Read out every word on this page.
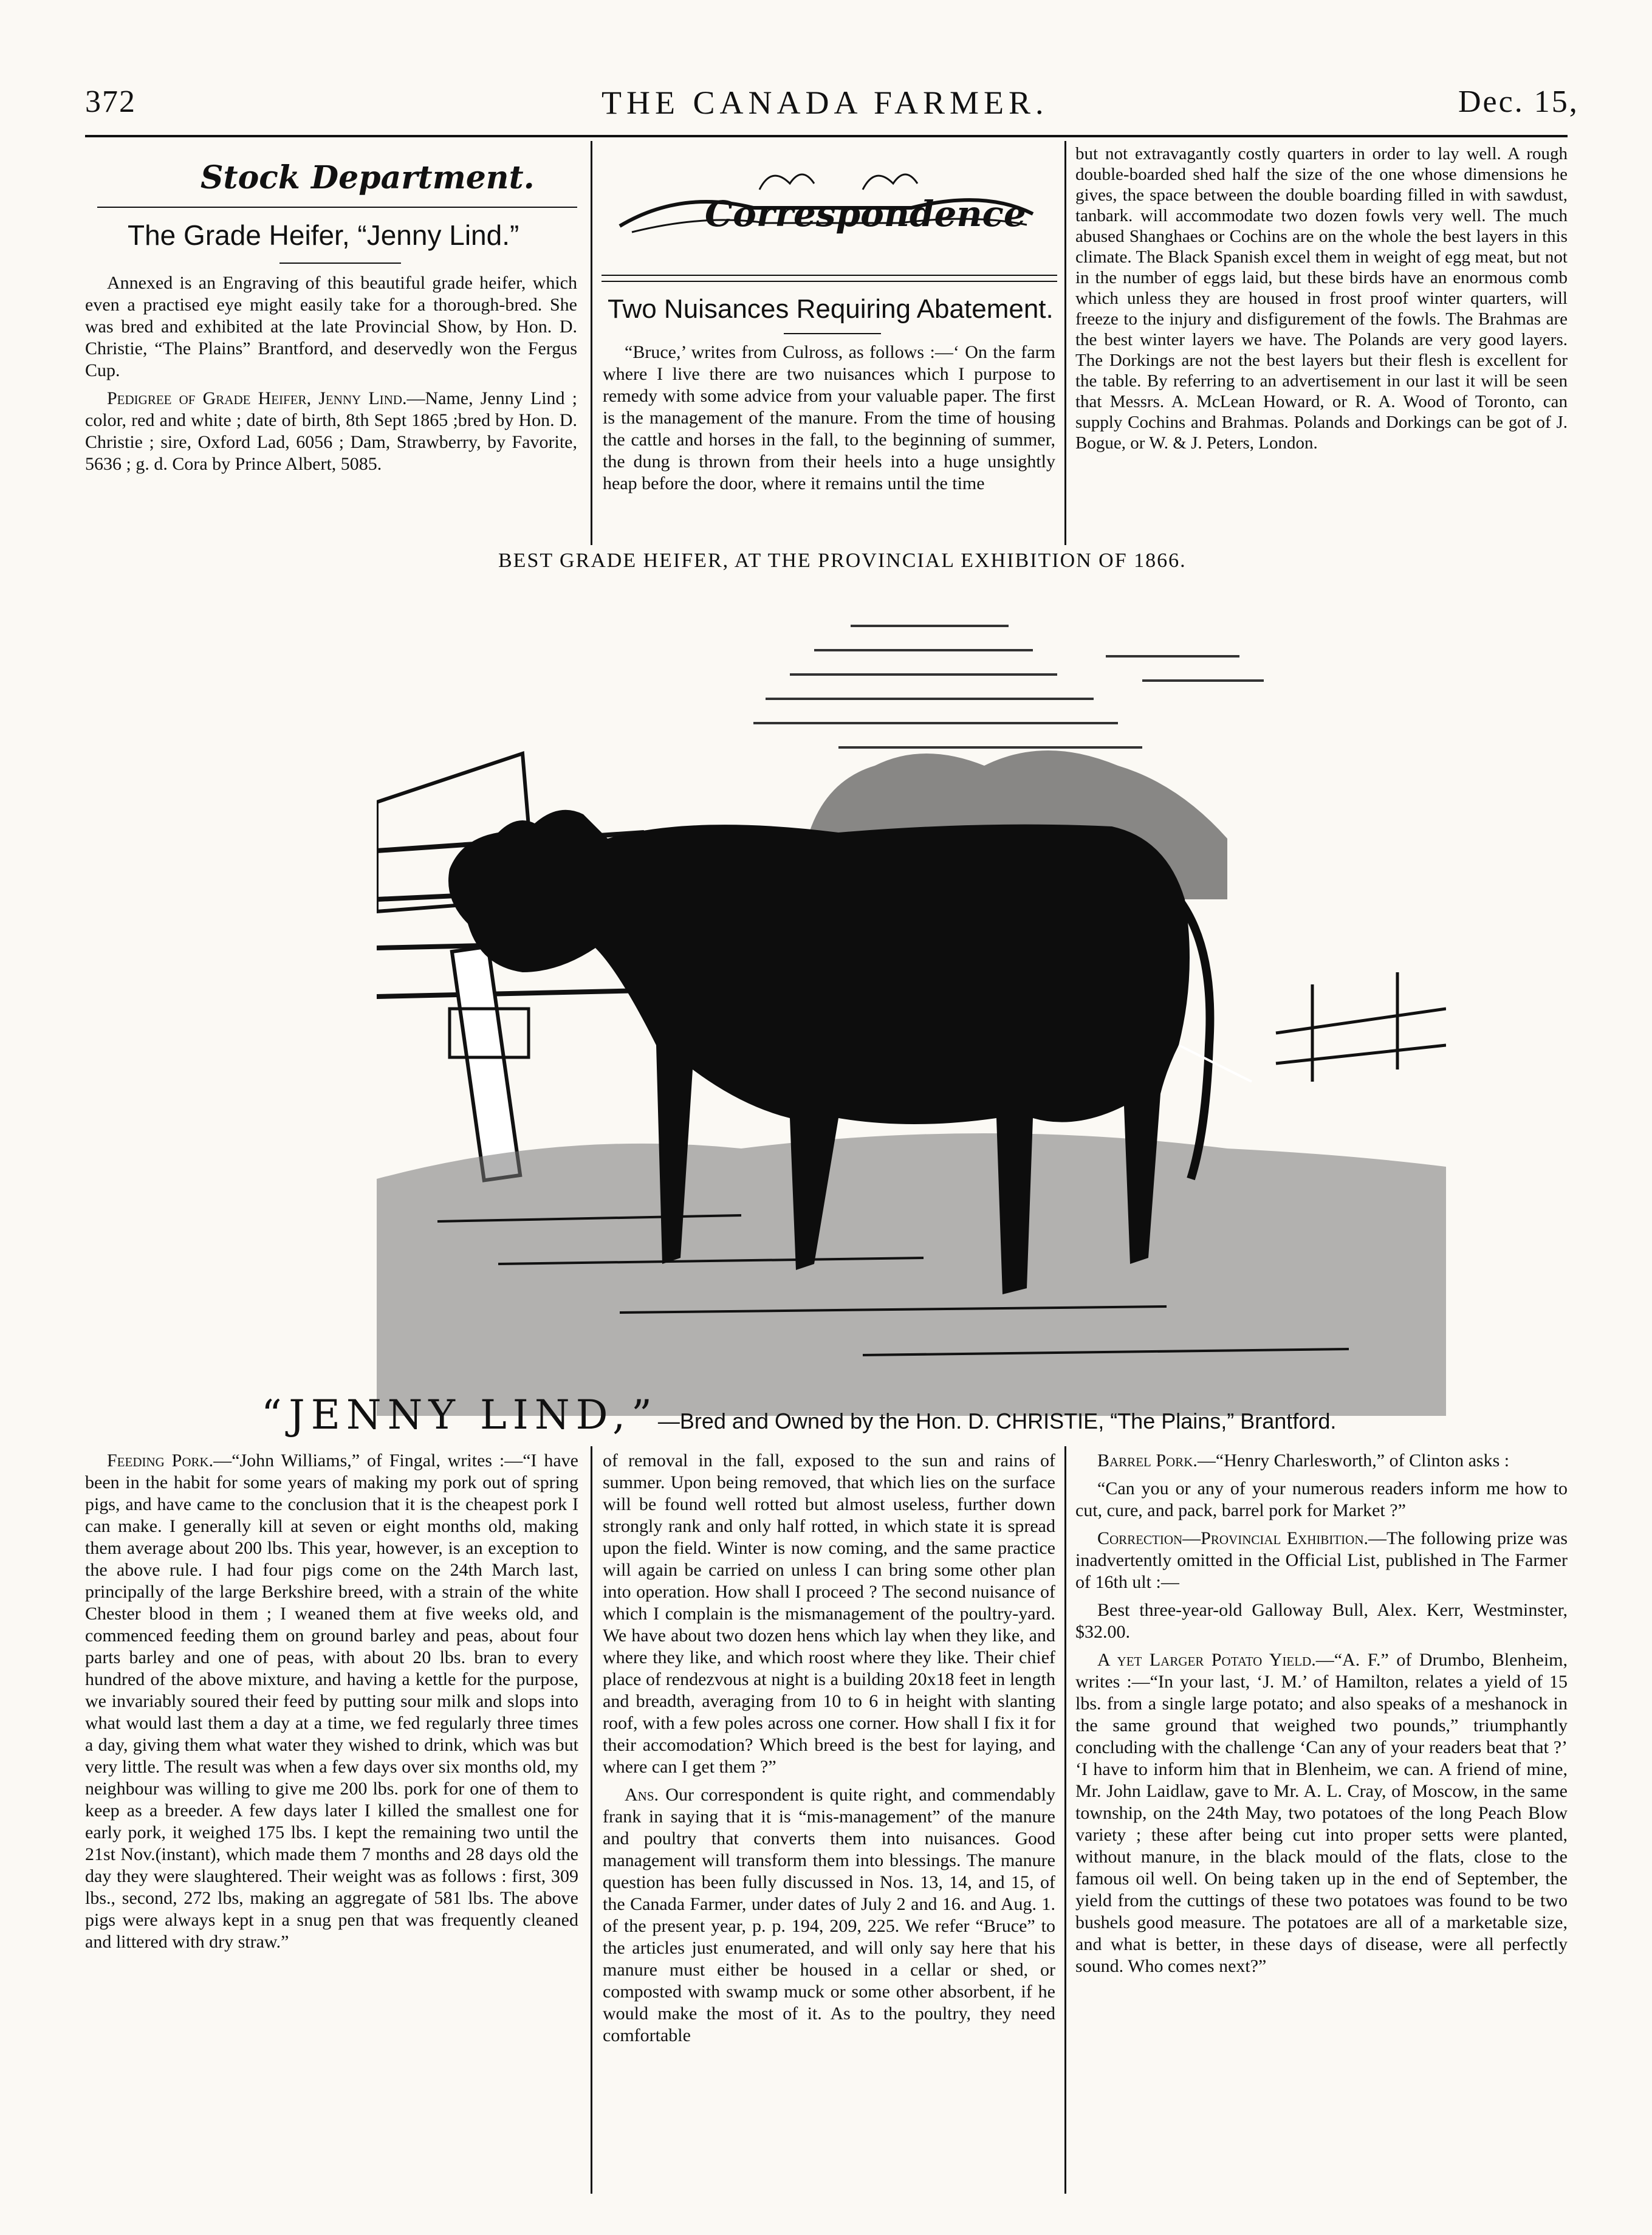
372	THE CANADA FARMER.	Dec. 15,
Stock Department.
The Grade Heifer, “Jenny Lind.”

Annexed is an Engraving of this beautiful grade heifer, which even a practised eye might easily take for a thorough-bred. She was bred and exhibited at the late Provincial Show, by Hon. D. Christie, “The Plains” Brantford, and deservedly won the Fergus Cup.

Pedigree of Grade Heifer, Jenny Lind.—Name, Jenny Lind ; color, red and white ; date of birth, 8th Sept 1865 ;bred by Hon. D. Christie ; sire, Oxford Lad, 6056 ; Dam, Strawberry, by Favorite, 5636 ; g. d. Cora by Prince Albert, 5085.

Correspondence
Two Nuisances Requiring Abatement.
“Bruce,’ writes from Culross, as follows :—‘ On the farm where I live there are two nuisances which I purpose to remedy with some advice from your valuable paper. The first is the management of the manure. From the time of housing the cattle and horses in the fall, to the beginning of summer, the dung is thrown from their heels into a huge unsightly heap before the door, where it remains until the time
but not extravagantly costly quarters in order to lay well. A rough double-boarded shed half the size of the one whose dimensions he gives, the space between the double boarding filled in with sawdust, tanbark. will accommodate two dozen fowls very well. The much abused Shanghaes or Cochins are on the whole the best layers in this climate. The Black Spanish excel them in weight of egg meat, but not in the number of eggs laid, but these birds have an enormous comb which unless they are housed in frost proof winter quarters, will freeze to the injury and disfigurement of the fowls. The Brahmas are the best winter layers we have. The Polands are very good layers. The Dorkings are not the best layers but their flesh is excellent for the table. By referring to an advertisement in our last it will be seen that Messrs. A. McLean Howard, or R. A. Wood of Toronto, can supply Cochins and Brahmas. Polands and Dorkings can be got of J. Bogue, or W. & J. Peters, London.
BEST GRADE HEIFER, AT THE PROVINCIAL EXHIBITION OF 1866.
“JENNY LIND,”—Bred and Owned by the Hon. D. CHRISTIE, “The Plains,” Brantford.

Feeding Pork.—“John Williams,” of Fingal, writes :—“I have been in the habit for some years of making my pork out of spring pigs, and have came to the conclusion that it is the cheapest pork I can make. I generally kill at seven or eight months old, making them average about 200 lbs. This year, however, is an exception to the above rule. I had four pigs come on the 24th March last, principally of the large Berkshire breed, with a strain of the white Chester blood in them ; I weaned them at five weeks old, and commenced feeding them on ground barley and peas, about four parts barley and one of peas, with about 20 lbs. bran to every hundred of the above mixture, and having a kettle for the purpose, we invariably soured their feed by putting sour milk and slops into what would last them a day at a time, we fed regularly three times a day, giving them what water they wished to drink, which was but very little. The result was when a few days over six months old, my neighbour was willing to give me 200 lbs. pork for one of them to keep as a breeder. A few days later I killed the smallest one for early pork, it weighed 175 lbs. I kept the remaining two until the 21st Nov.(instant), which made them 7 months and 28 days old the day they were slaughtered. Their weight was as follows : first, 309 lbs., second, 272 lbs, making an aggregate of 581 lbs. The above pigs were always kept in a snug pen that was frequently cleaned and littered with dry straw.”

of removal in the fall, exposed to the sun and rains of summer. Upon being removed, that which lies on the surface will be found well rotted but almost useless, further down strongly rank and only half rotted, in which state it is spread upon the field. Winter is now coming, and the same practice will again be carried on unless I can bring some other plan into operation. How shall I proceed ? The second nuisance of which I complain is the mismanagement of the poultry-yard. We have about two dozen hens which lay when they like, and where they like, and which roost where they like. Their chief place of rendezvous at night is a building 20x18 feet in length and breadth, averaging from 10 to 6 in height with slanting roof, with a few poles across one corner. How shall I fix it for their accomodation? Which breed is the best for laying, and where can I get them ?”

Ans. Our correspondent is quite right, and commendably frank in saying that it is “mis-management” of the manure and poultry that converts them into nuisances. Good management will transform them into blessings. The manure question has been fully discussed in Nos. 13, 14, and 15, of the Canada Farmer, under dates of July 2 and 16. and Aug. 1. of the present year, p. p. 194, 209, 225. We refer “Bruce” to the articles just enumerated, and will only say here that his manure must either be housed in a cellar or shed, or composted with swamp muck or some other absorbent, if he would make the most of it. As to the poultry, they need comfortable

Barrel Pork.—“Henry Charlesworth,” of Clinton asks :

“Can you or any of your numerous readers inform me how to cut, cure, and pack, barrel pork for Market ?”

Correction—Provincial Exhibition.—The following prize was inadvertently omitted in the Official List, published in The Farmer of 16th ult :—

Best three-year-old Galloway Bull, Alex. Kerr, Westminster, $32.00.

A yet Larger Potato Yield.—“A. F.” of Drumbo, Blenheim, writes :—“In your last, ‘J. M.’ of Hamilton, relates a yield of 15 lbs. from a single large potato; and also speaks of a meshanock in the same ground that weighed two pounds,” triumphantly concluding with the challenge ‘Can any of your readers beat that ?’ ‘I have to inform him that in Blenheim, we can. A friend of mine, Mr. John Laidlaw, gave to Mr. A. L. Cray, of Moscow, in the same township, on the 24th May, two potatoes of the long Peach Blow variety ; these after being cut into proper setts were planted, without manure, in the black mould of the flats, close to the famous oil well. On being taken up in the end of September, the yield from the cuttings of these two potatoes was found to be two bushels good measure. The potatoes are all of a marketable size, and what is better, in these days of disease, were all perfectly sound. Who comes next?”
